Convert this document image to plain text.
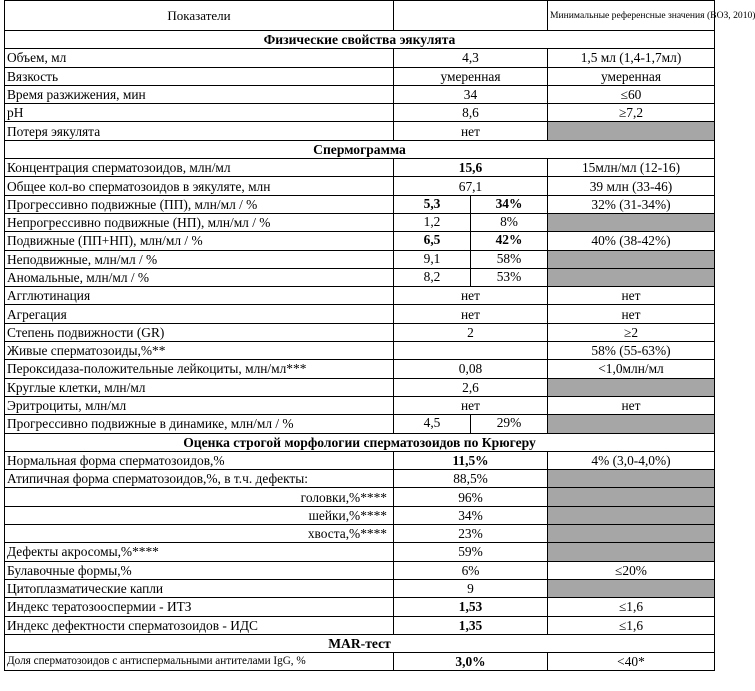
Показатели		Минимальные референсные значения (ВОЗ, 2010)
Физические свойства эякулята		
Объем, мл	4,3	1,5 мл (1,4-1,7мл)
Вязкость	умеренная	умеренная
Время разжижения, мин	34	≤60
pH	8,6	≥7,2
Потеря эякулята	нет	
Спермограмма		
Концентрация сперматозоидов, млн/мл	15,6	15млн/мл (12-16)
Общее кол-во сперматозоидов в эякуляте, млн	67,1	39 млн (33-46)
Прогрессивно подвижные (ПП), млн/мл / %	5,3 34%	32% (31-34%)
Непрогрессивно подвижные (НП), млн/мл / %	1,2 8%	

Подвижные (ПП+НП), млн/мл / %	6,5 42%	40% (38-42%)
Неподвижные, млн/мл / %	9,1 58%	

Аномальные, млн/мл / %	8,2 53%	

Агглютинация	нет	нет
Агрегация	нет	нет
Степень подвижности (GR)	2	≥2
Живые сперматозоиды,%**		58% (55-63%)
Пероксидаза-положительные лейкоциты, млн/мл***	0,08	<1,0млн/мл
Круглые клетки, млн/мл	2,6	
Эритроциты, млн/мл	нет	нет
Прогрессивно подвижные в динамике, млн/мл / %	4,5 29%	

Оценка строгой морфологии сперматозоидов по Крюгеру		
Нормальная форма сперматозоидов,%	11,5%	4% (3,0-4,0%)
Атипичная форма сперматозоидов,%, в т.ч. дефекты:	88,5%	
головки,%****	96%	
шейки,%****	34%	
хвоста,%****	23%	
Дефекты акросомы,%****	59%	
Булавочные формы,%	6%	≤20%
Цитоплазматические капли	9	
Индекс тератозооспермии - ИТЗ	1,53	≤1,6
Индекс дефектности сперматозоидов - ИДС	1,35	≤1,6
MAR-тест		
Доля сперматозоидов с антиспермальными антителами IgG, %	3,0%	<40*
